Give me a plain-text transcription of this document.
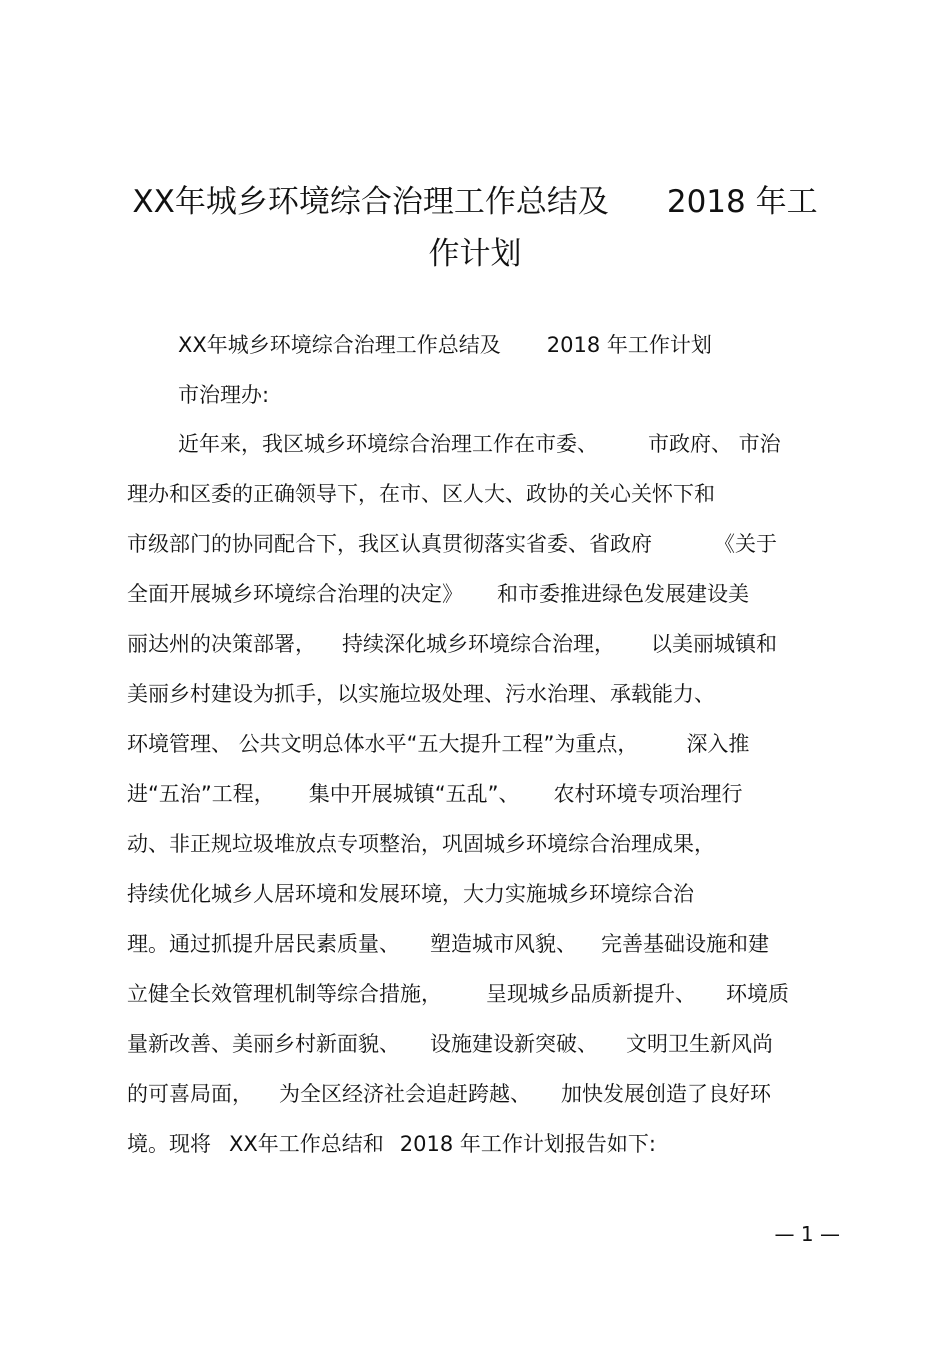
XX年城乡环境综合治理工作总结及 2018 年工
作计划
XX年城乡环境综合治理工作总结及 2018 年工作计划
市治理办:
近年来，我区城乡环境综合治理工作在市委、 市政府、 市治
理办和区委的正确领导下，在市、区人大、政协的关心关怀下和
市级部门的协同配合下，我区认真贯彻落实省委、省政府	《关于
全面开展城乡环境综合治理的决定》 和市委推进绿色发展建设美
丽达州的决策部署， 持续深化城乡环境综合治理， 以美丽城镇和
美丽乡村建设为抓手，以实施垃圾处理、污水治理、承载能力、
环境管理、 公共文明总体水平“五大提升工程”为重点， 深入推
进“五治”工程， 集中开展城镇“五乱”、 农村环境专项治理行
动、非正规垃圾堆放点专项整治，巩固城乡环境综合治理成果，
持续优化城乡人居环境和发展环境，大力实施城乡环境综合治
理。通过抓提升居民素质量、 塑造城市风貌、 完善基础设施和建
立健全长效管理机制等综合措施， 呈现城乡品质新提升、 环境质
量新改善、美丽乡村新面貌、 设施建设新突破、 文明卫生新风尚
的可喜局面， 为全区经济社会追赶跨越、 加快发展创造了良好环
境。现将 XX年工作总结和 2018 年工作计划报告如下:
— 1 —
